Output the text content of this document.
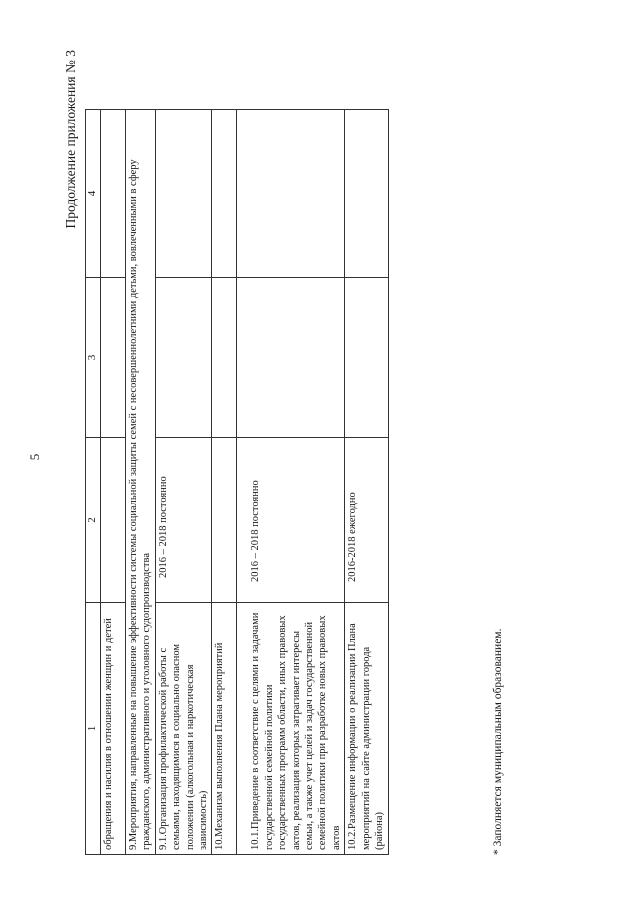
5
Продолжение приложения № 3
1	2	3	4
обращения и насилия в отношении женщин и детей			
9.Мероприятия, направленные на повышение эффективности системы социальной защиты семей с несовершеннолетними детьми, вовлеченными в сферу гражданского, административного и уголовного судопроизводства			
9.1.Организация профилактической работы с семьями, находящимися в социально опасном положении (алкогольная и наркотическая зависимость)	2016 – 2018 постоянно		
10.Механизм выполнения Плана мероприятий			
10.1.Приведение в соответствие с целями и задачами государственной семейной политики государственных программ области, иных правовых актов, реализация которых затрагивает интересы семьи, а также учет целей и задач государственной семейной политики при разработке новых правовых актов	2016 – 2018 постоянно		
10.2.Размещение информации о реализации Плана мероприятий на сайте администрации города (района)	2016-2018 ежегодно		
* Заполняется муниципальным образованием.
